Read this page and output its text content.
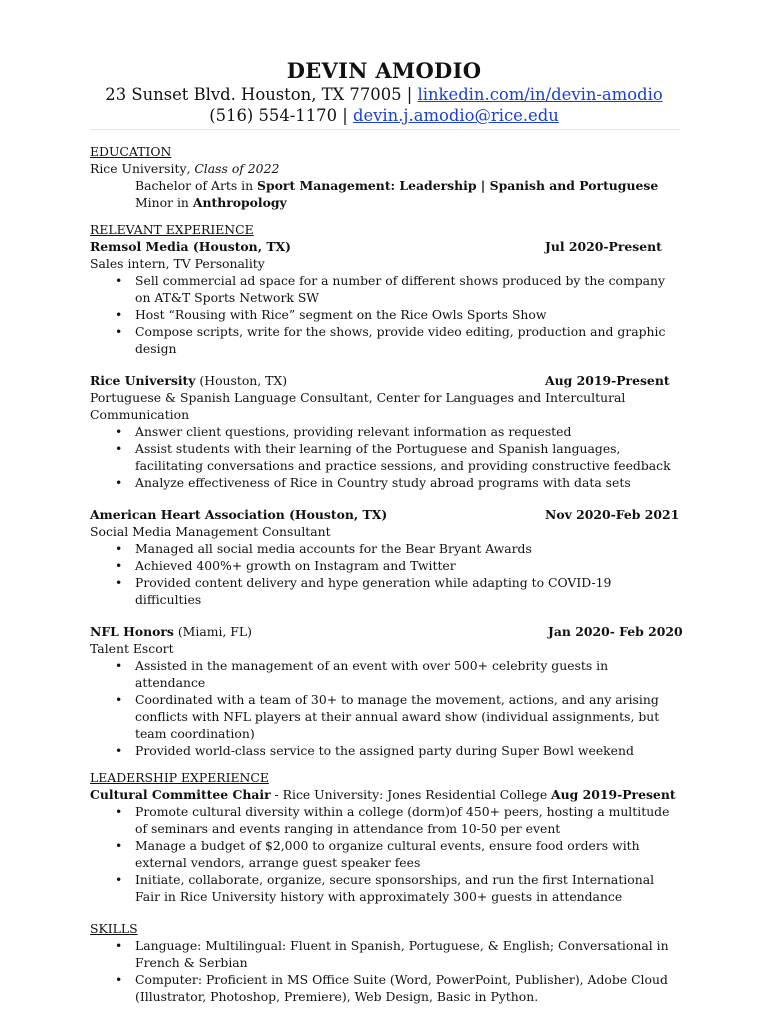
DEVIN AMODIO
23 Sunset Blvd. Houston, TX 77005 | linkedin.com/in/devin-amodio
(516) 554-1170 | devin.j.amodio@rice.edu
EDUCATION
Rice University, Class of 2022
Bachelor of Arts in Sport Management: Leadership | Spanish and Portuguese
Minor in Anthropology
RELEVANT EXPERIENCE
Remsol Media (Houston, TX)	Jul 2020-Present
Sales intern, TV Personality
• Sell commercial ad space for a number of different shows produced by the company on AT&T Sports Network SW
• Host “Rousing with Rice” segment on the Rice Owls Sports Show
• Compose scripts, write for the shows, provide video editing, production and graphic design
Rice University (Houston, TX)	Aug 2019-Present
Portuguese & Spanish Language Consultant, Center for Languages and Intercultural Communication
• Answer client questions, providing relevant information as requested
• Assist students with their learning of the Portuguese and Spanish languages, facilitating conversations and practice sessions, and providing constructive feedback
• Analyze effectiveness of Rice in Country study abroad programs with data sets
American Heart Association (Houston, TX)	Nov 2020-Feb 2021
Social Media Management Consultant
• Managed all social media accounts for the Bear Bryant Awards
• Achieved 400%+ growth on Instagram and Twitter
• Provided content delivery and hype generation while adapting to COVID-19 difficulties
NFL Honors (Miami, FL)	Jan 2020- Feb 2020
Talent Escort
• Assisted in the management of an event with over 500+ celebrity guests in attendance
• Coordinated with a team of 30+ to manage the movement, actions, and any arising conflicts with NFL players at their annual award show (individual assignments, but team coordination)
• Provided world-class service to the assigned party during Super Bowl weekend
LEADERSHIP EXPERIENCE
Cultural Committee Chair - Rice University: Jones Residential College Aug 2019-Present
• Promote cultural diversity within a college (dorm)of 450+ peers, hosting a multitude of seminars and events ranging in attendance from 10-50 per event
• Manage a budget of $2,000 to organize cultural events, ensure food orders with external vendors, arrange guest speaker fees
• Initiate, collaborate, organize, secure sponsorships, and run the first International Fair in Rice University history with approximately 300+ guests in attendance
SKILLS
• Language: Multilingual: Fluent in Spanish, Portuguese, & English; Conversational in French & Serbian
• Computer: Proficient in MS Office Suite (Word, PowerPoint, Publisher), Adobe Cloud (Illustrator, Photoshop, Premiere), Web Design, Basic in Python.
